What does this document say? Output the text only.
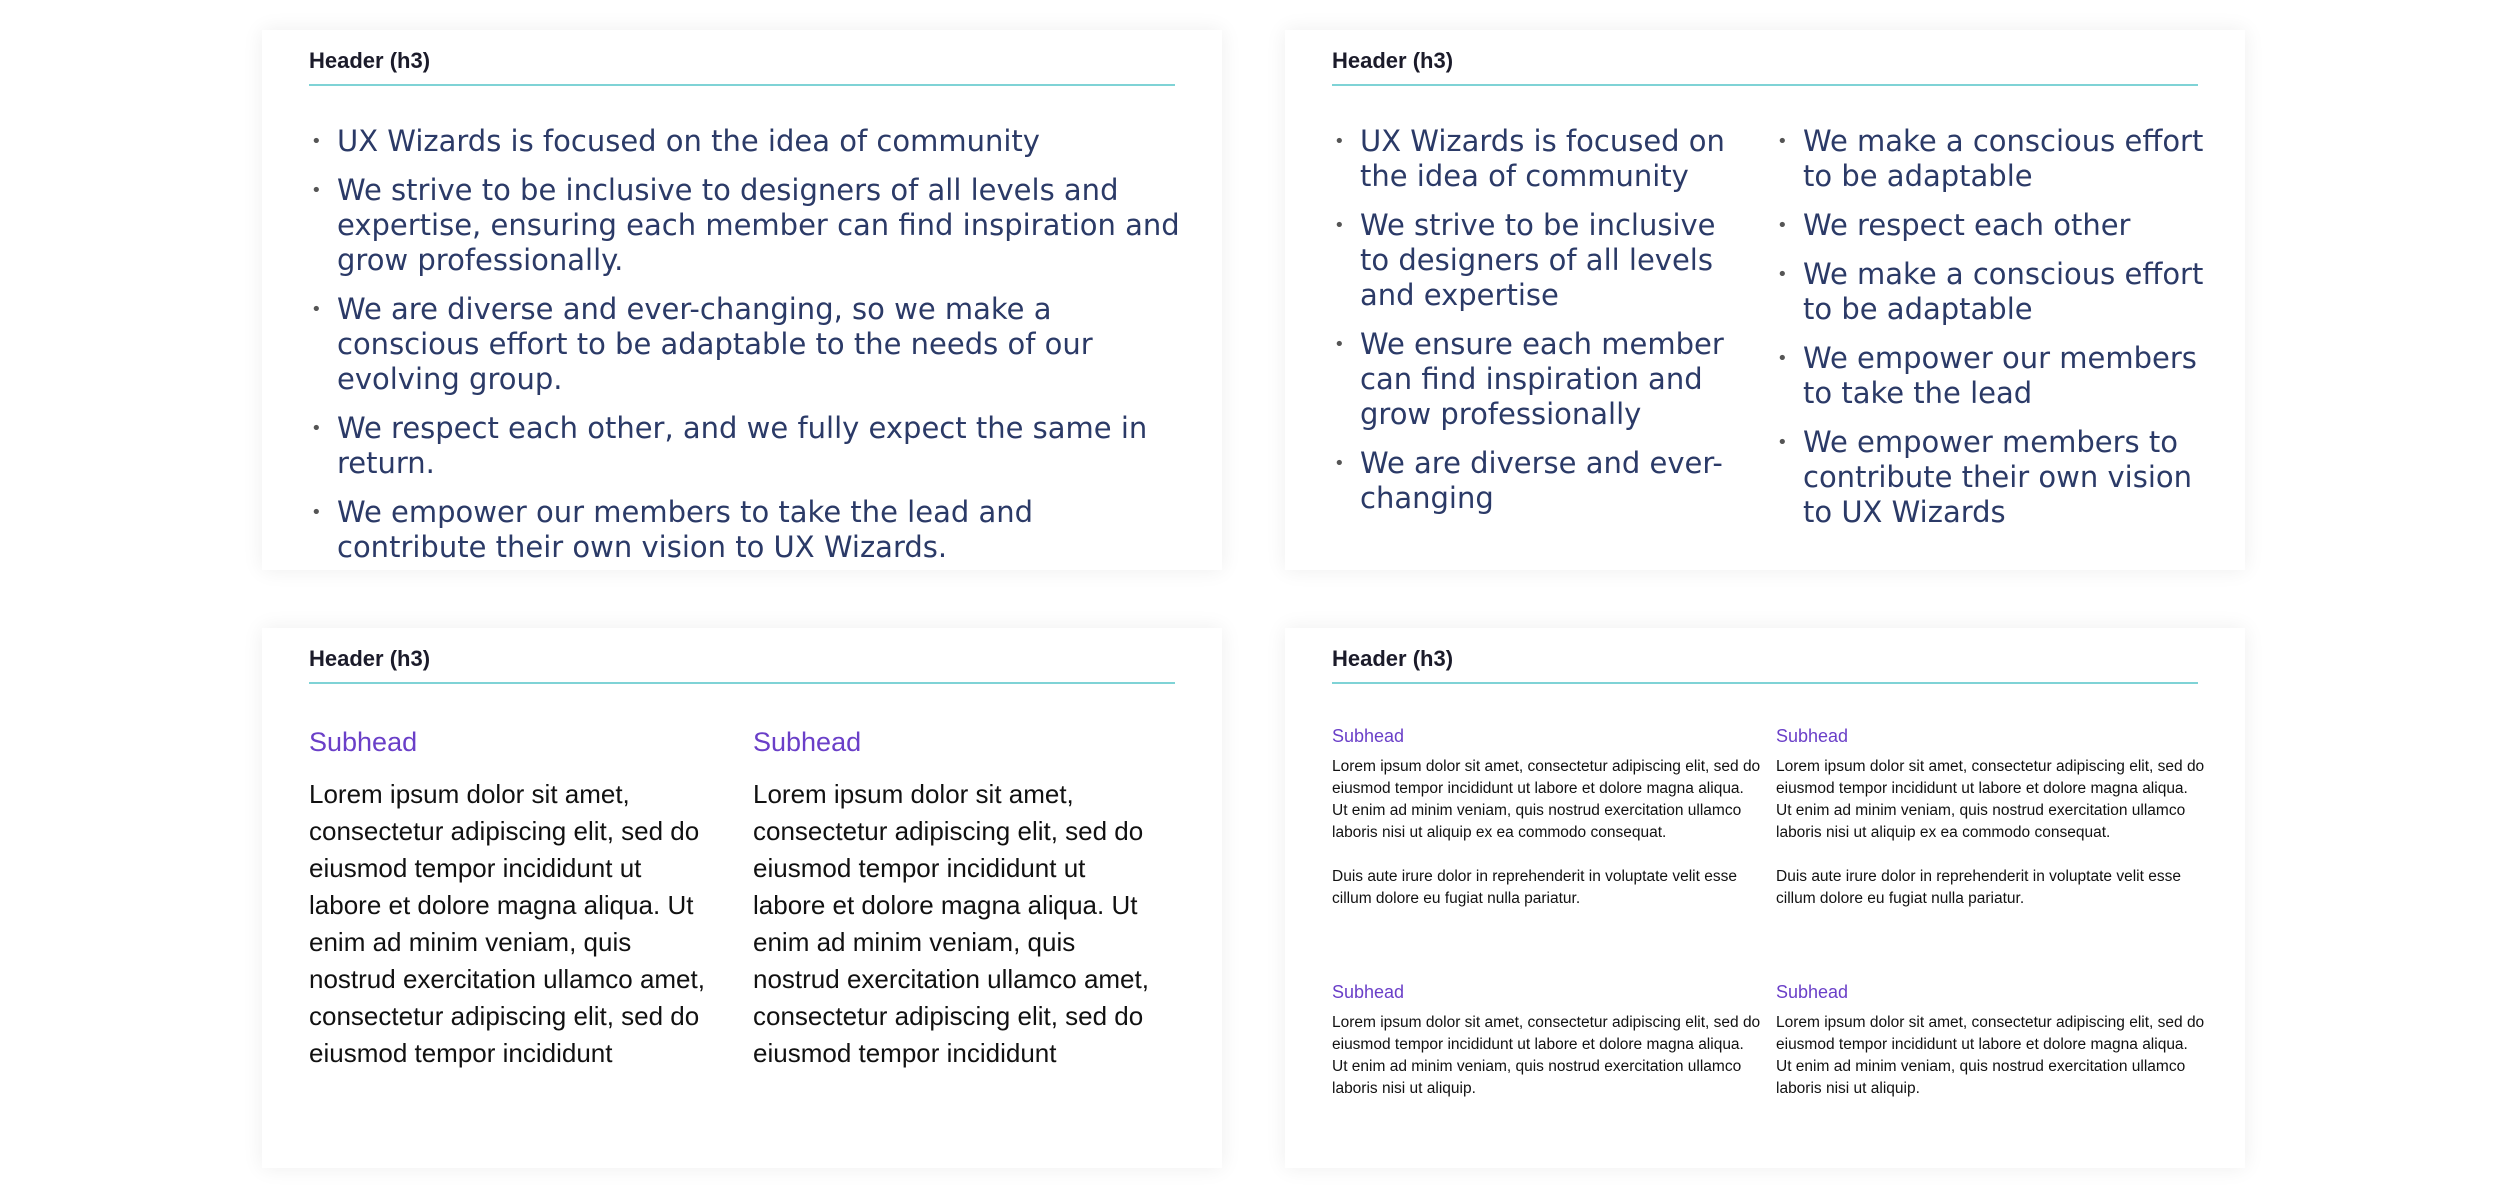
Header (h3)
• UX Wizards is focused on the idea of community
• We strive to be inclusive to designers of all levels and expertise, ensuring each member can find inspiration and grow professionally.
• We are diverse and ever-changing, so we make a conscious effort to be adaptable to the needs of our evolving group.
• We respect each other, and we fully expect the same in return.
• We empower our members to take the lead and contribute their own vision to UX Wizards.
Header (h3)
• UX Wizards is focused on the idea of community
• We strive to be inclusive to designers of all levels and expertise
• We ensure each member can find inspiration and grow professionally
• We are diverse and ever-changing
• We make a conscious effort to be adaptable
• We respect each other
• We make a conscious effort to be adaptable
• We empower our members to take the lead
• We empower members to contribute their own vision to UX Wizards
Header (h3)
Subhead
Lorem ipsum dolor sit amet, consectetur adipiscing elit, sed do eiusmod tempor incididunt ut labore et dolore magna aliqua. Ut enim ad minim veniam, quis nostrud exercitation ullamco amet, consectetur adipiscing elit, sed do eiusmod tempor incididunt
Subhead
Lorem ipsum dolor sit amet, consectetur adipiscing elit, sed do eiusmod tempor incididunt ut labore et dolore magna aliqua. Ut enim ad minim veniam, quis nostrud exercitation ullamco amet, consectetur adipiscing elit, sed do eiusmod tempor incididunt
Header (h3)
Subhead

Lorem ipsum dolor sit amet, consectetur adipiscing elit, sed do eiusmod tempor incididunt ut labore et dolore magna aliqua. Ut enim ad minim veniam, quis nostrud exercitation ullamco laboris nisi ut aliquip ex ea commodo consequat.

Duis aute irure dolor in reprehenderit in voluptate velit esse cillum dolore eu fugiat nulla pariatur.

Subhead

Lorem ipsum dolor sit amet, consectetur adipiscing elit, sed do eiusmod tempor incididunt ut labore et dolore magna aliqua. Ut enim ad minim veniam, quis nostrud exercitation ullamco laboris nisi ut aliquip ex ea commodo consequat.

Duis aute irure dolor in reprehenderit in voluptate velit esse cillum dolore eu fugiat nulla pariatur.

Subhead

Lorem ipsum dolor sit amet, consectetur adipiscing elit, sed do eiusmod tempor incididunt ut labore et dolore magna aliqua. Ut enim ad minim veniam, quis nostrud exercitation ullamco laboris nisi ut aliquip.

Subhead

Lorem ipsum dolor sit amet, consectetur adipiscing elit, sed do eiusmod tempor incididunt ut labore et dolore magna aliqua. Ut enim ad minim veniam, quis nostrud exercitation ullamco laboris nisi ut aliquip.
